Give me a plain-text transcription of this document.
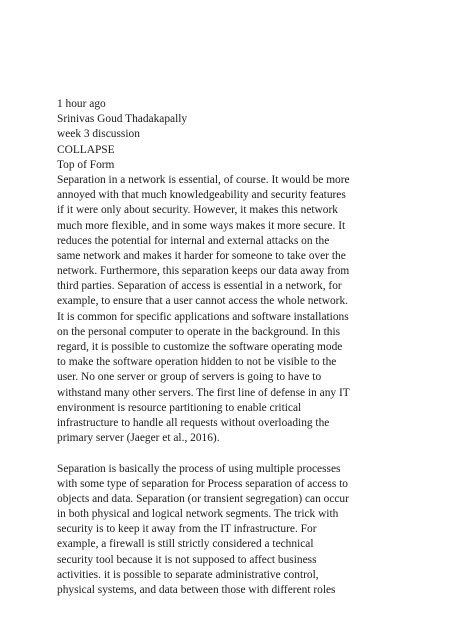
1 hour ago
Srinivas Goud Thadakapally
week 3 discussion
COLLAPSE
Top of Form
Separation in a network is essential, of course. It would be more
annoyed with that much knowledgeability and security features
if it were only about security. However, it makes this network
much more flexible, and in some ways makes it more secure. It
reduces the potential for internal and external attacks on the
same network and makes it harder for someone to take over the
network. Furthermore, this separation keeps our data away from
third parties. Separation of access is essential in a network, for
example, to ensure that a user cannot access the whole network.
It is common for specific applications and software installations
on the personal computer to operate in the background. In this
regard, it is possible to customize the software operating mode
to make the software operation hidden to not be visible to the
user. No one server or group of servers is going to have to
withstand many other servers. The first line of defense in any IT
environment is resource partitioning to enable critical
infrastructure to handle all requests without overloading the
primary server (Jaeger et al., 2016).
Separation is basically the process of using multiple processes
with some type of separation for Process separation of access to
objects and data. Separation (or transient segregation) can occur
in both physical and logical network segments. The trick with
security is to keep it away from the IT infrastructure. For
example, a firewall is still strictly considered a technical
security tool because it is not supposed to affect business
activities. it is possible to separate administrative control,
physical systems, and data between those with different roles
